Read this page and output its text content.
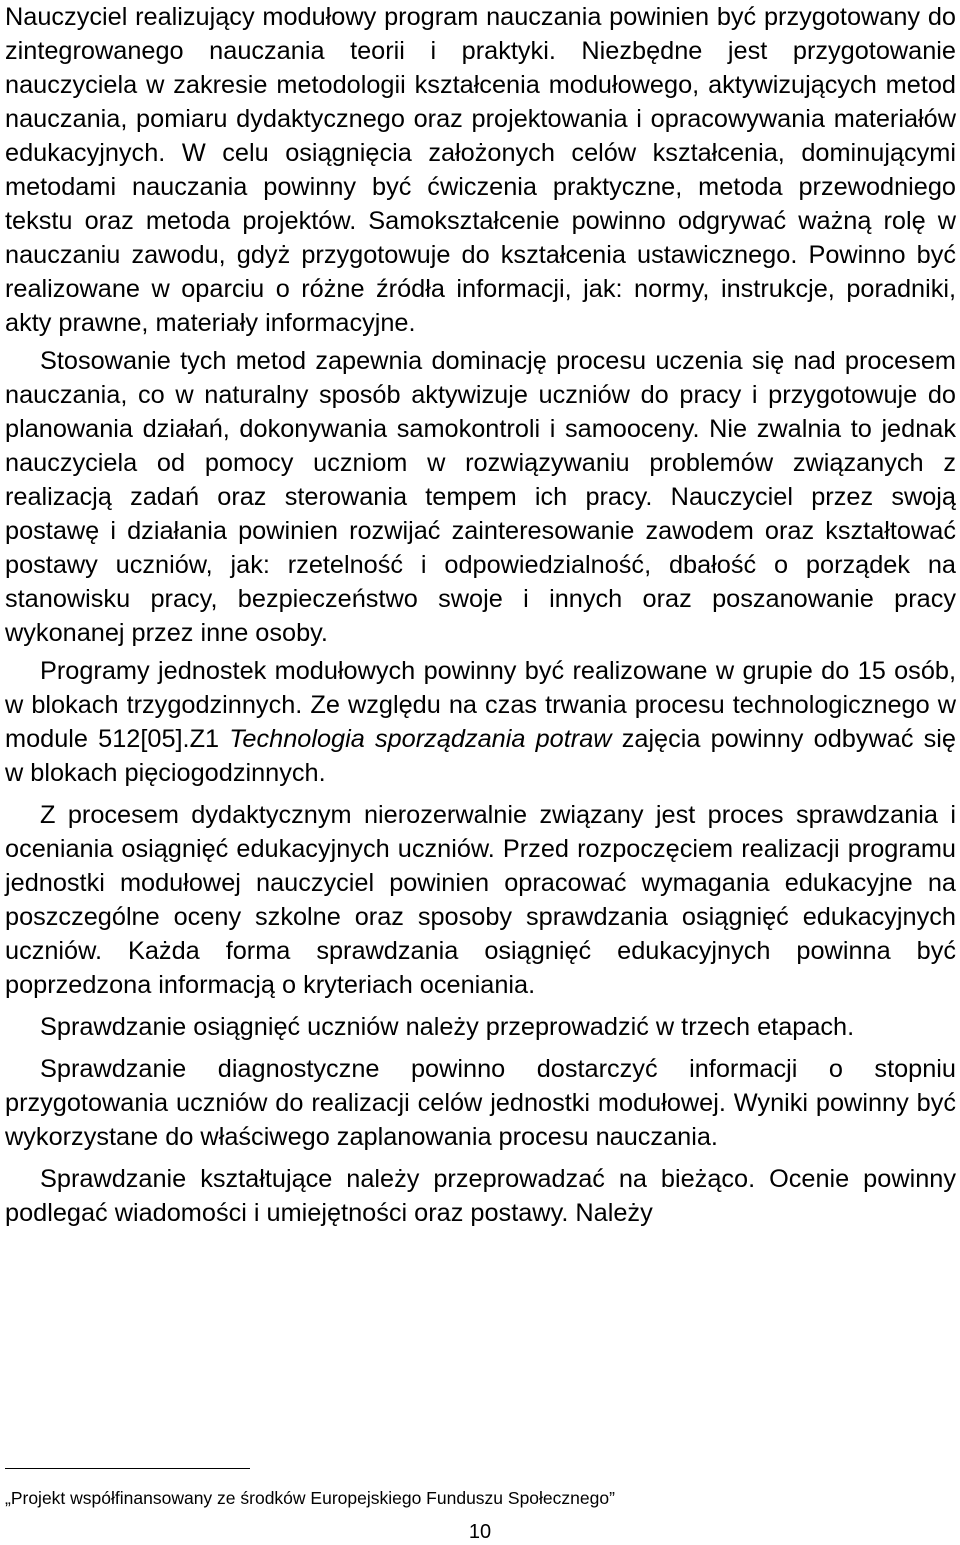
Nauczyciel realizujący modułowy program nauczania powinien być przygotowany do zintegrowanego nauczania teorii i praktyki. Niezbędne jest przygotowanie nauczyciela w zakresie metodologii kształcenia modułowego, aktywizujących metod nauczania, pomiaru dydaktycznego oraz projektowania i opracowywania materiałów edukacyjnych. W celu osiągnięcia założonych celów kształcenia, dominującymi metodami nauczania powinny być ćwiczenia praktyczne, metoda przewodniego tekstu oraz metoda projektów. Samokształcenie powinno odgrywać ważną rolę w nauczaniu zawodu, gdyż przygotowuje do kształcenia ustawicznego. Powinno być realizowane w oparciu o różne źródła informacji, jak: normy, instrukcje, poradniki, akty prawne, materiały informacyjne.

Stosowanie tych metod zapewnia dominację procesu uczenia się nad procesem nauczania, co w naturalny sposób aktywizuje uczniów do pracy i przygotowuje do planowania działań, dokonywania samokontroli i samooceny. Nie zwalnia to jednak nauczyciela od pomocy uczniom w rozwiązywaniu problemów związanych z realizacją zadań oraz sterowania tempem ich pracy. Nauczyciel przez swoją postawę i działania powinien rozwijać zainteresowanie zawodem oraz kształtować postawy uczniów, jak: rzetelność i odpowiedzialność, dbałość o porządek na stanowisku pracy, bezpieczeństwo swoje i innych oraz poszanowanie pracy wykonanej przez inne osoby.

Programy jednostek modułowych powinny być realizowane w grupie do 15 osób, w blokach trzygodzinnych. Ze względu na czas trwania procesu technologicznego w module 512[05].Z1 Technologia sporządzania potraw zajęcia powinny odbywać się w blokach pięciogodzinnych.

Z procesem dydaktycznym nierozerwalnie związany jest proces sprawdzania i oceniania osiągnięć edukacyjnych uczniów. Przed rozpoczęciem realizacji programu jednostki modułowej nauczyciel powinien opracować wymagania edukacyjne na poszczególne oceny szkolne oraz sposoby sprawdzania osiągnięć edukacyjnych uczniów. Każda forma sprawdzania osiągnięć edukacyjnych powinna być poprzedzona informacją o kryteriach oceniania.

Sprawdzanie osiągnięć uczniów należy przeprowadzić w trzech etapach.

Sprawdzanie diagnostyczne powinno dostarczyć informacji o stopniu przygotowania uczniów do realizacji celów jednostki modułowej. Wyniki powinny być wykorzystane do właściwego zaplanowania procesu nauczania.

Sprawdzanie kształtujące należy przeprowadzać na bieżąco. Ocenie powinny podlegać wiadomości i umiejętności oraz postawy. Należy

„Projekt współfinansowany ze środków Europejskiego Funduszu Społecznego”
10
